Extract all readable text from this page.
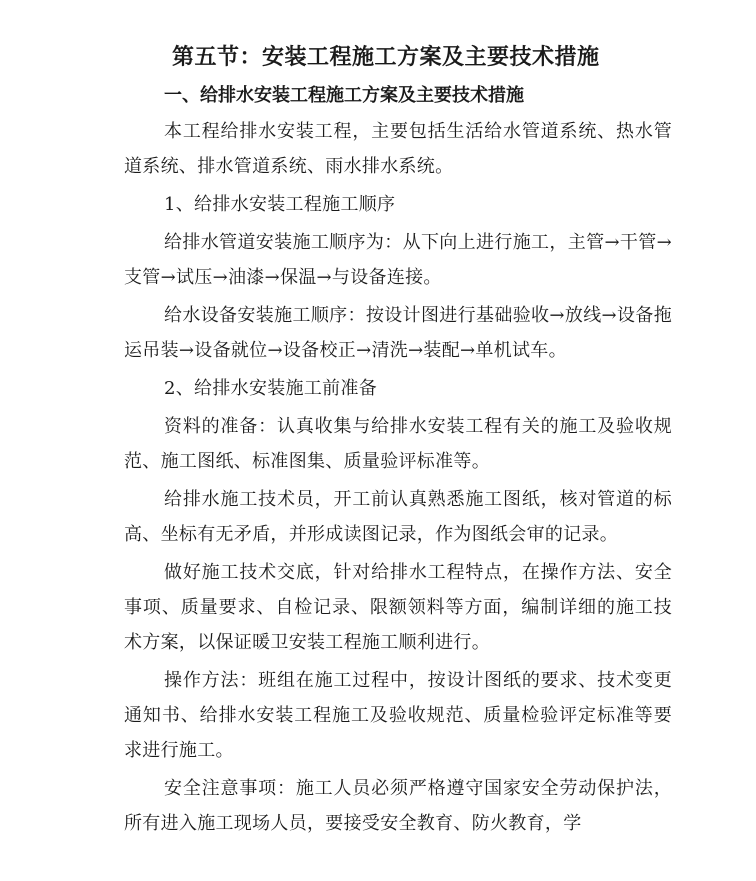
第五节：安装工程施工方案及主要技术措施
一、给排水安装工程施工方案及主要技术措施

本工程给排水安装工程，主要包括生活给水管道系统、热水管道系统、排水管道系统、雨水排水系统。

1、给排水安装工程施工顺序

给排水管道安装施工顺序为：从下向上进行施工，主管→干管→支管→试压→油漆→保温→与设备连接。

给水设备安装施工顺序：按设计图进行基础验收→放线→设备拖运吊装→设备就位→设备校正→清洗→装配→单机试车。

2、给排水安装施工前准备

资料的准备：认真收集与给排水安装工程有关的施工及验收规范、施工图纸、标准图集、质量验评标准等。

给排水施工技术员，开工前认真熟悉施工图纸，核对管道的标高、坐标有无矛盾，并形成读图记录，作为图纸会审的记录。

做好施工技术交底，针对给排水工程特点，在操作方法、安全事项、质量要求、自检记录、限额领料等方面，编制详细的施工技术方案，以保证暖卫安装工程施工顺利进行。

操作方法：班组在施工过程中，按设计图纸的要求、技术变更通知书、给排水安装工程施工及验收规范、质量检验评定标准等要求进行施工。

安全注意事项：施工人员必须严格遵守国家安全劳动保护法，所有进入施工现场人员，要接受安全教育、防火教育，学
